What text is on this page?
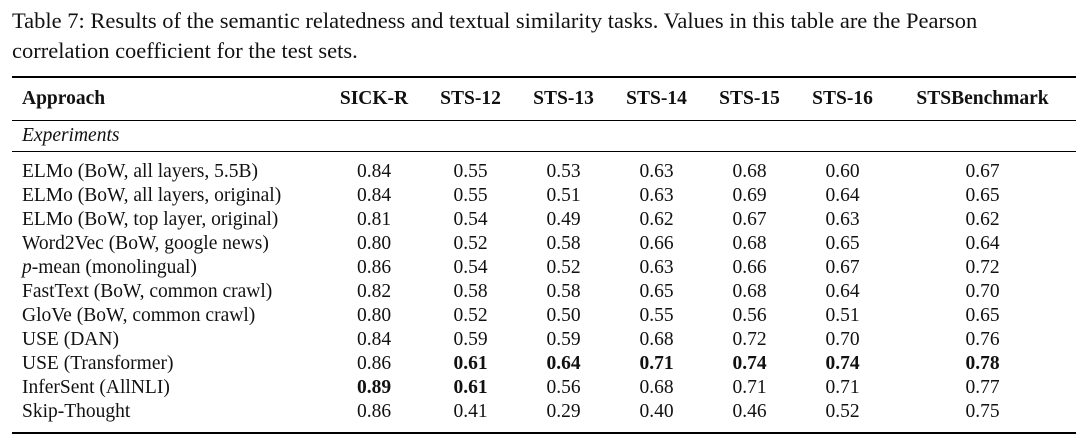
Table 7: Results of the semantic relatedness and textual similarity tasks. Values in this table are the Pearson correlation coefficient for the test sets.

Approach	SICK-R	STS-12	STS-13	STS-14	STS-15	STS-16	STSBenchmark

Experiments							

ELMo (BoW, all layers, 5.5B)	0.84	0.55	0.53	0.63	0.68	0.60	0.67
ELMo (BoW, all layers, original)	0.84	0.55	0.51	0.63	0.69	0.64	0.65
ELMo (BoW, top layer, original)	0.81	0.54	0.49	0.62	0.67	0.63	0.62
Word2Vec (BoW, google news)	0.80	0.52	0.58	0.66	0.68	0.65	0.64
p-mean (monolingual)	0.86	0.54	0.52	0.63	0.66	0.67	0.72
FastText (BoW, common crawl)	0.82	0.58	0.58	0.65	0.68	0.64	0.70
GloVe (BoW, common crawl)	0.80	0.52	0.50	0.55	0.56	0.51	0.65
USE (DAN)	0.84	0.59	0.59	0.68	0.72	0.70	0.76
USE (Transformer)	0.86	0.61	0.64	0.71	0.74	0.74	0.78
InferSent (AllNLI)	0.89	0.61	0.56	0.68	0.71	0.71	0.77
Skip-Thought	0.86	0.41	0.29	0.40	0.46	0.52	0.75
